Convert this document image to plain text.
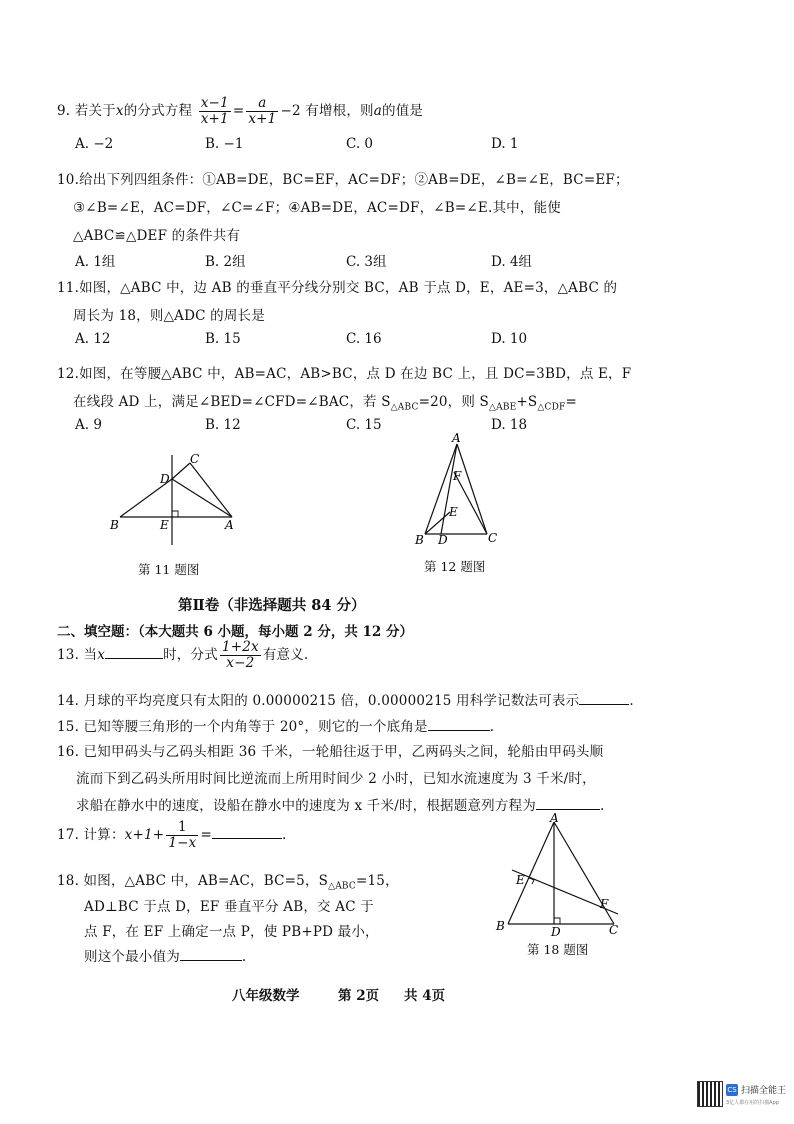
9. 若关于x的分式方程 $\frac{x-1}{x+1} = \frac{a}{x+1} -2$ 有增根，则a的值是
A. −2	B. −1	C. 0	D. 1
10.给出下列四组条件：①AB=DE，BC=EF，AC=DF；②AB=DE，∠B=∠E，BC=EF；
③∠B=∠E，AC=DF，∠C=∠F；④AB=DE，AC=DF，∠B=∠E.其中，能使
△ABC≌△DEF 的条件共有
A. 1组	B. 2组	C. 3组	D. 4组
11.如图，△ABC 中，边 AB 的垂直平分线分别交 BC，AB 于点 D，E，AE=3，△ABC 的
周长为 18，则△ADC 的周长是
A. 12	B. 15	C. 16	D. 10
12.如图，在等腰△ABC 中，AB=AC，AB>BC，点 D 在边 BC 上，且 DC=3BD，点 E，F
在线段 AD 上，满足∠BED=∠CFD=∠BAC，若 $S_{\triangle ABC}=20$，则 $S_{\triangle ABE}+S_{\triangle CDF}=$
A. 9	B. 12	C. 15	D. 18
B	E	A
D
C
第 11 题图
A
F
E
B D	C
第 12 题图
第Ⅱ卷（非选择题共 84 分）
二、填空题：（本大题共 6 小题，每小题 2 分，共 12 分）
13. 当x	时，分式 $\frac{1+2x}{x-2}$ 有意义.
14. 月球的平均亮度只有太阳的 0.00000215 倍，0.00000215 用科学记数法可表示	.
15. 已知等腰三角形的一个内角等于 20°，则它的一个底角是	.
16. 已知甲码头与乙码头相距 36 千米，一轮船往返于甲，乙两码头之间，轮船由甲码头顺
流而下到乙码头所用时间比逆流而上所用时间少 2 小时，已知水流速度为 3 千米/时，
求船在静水中的速度，设船在静水中的速度为 x 千米/时，根据题意列方程为	.
17. 计算：$x+1+ \frac{1}{1-x}$ =	.
18. 如图，△ABC 中，AB=AC，BC=5，$S_{\triangle ABC}=15$，
AD⊥BC 于点 D，EF 垂直平分 AB，交 AC 于
点 F，在 EF 上确定一点 P，使 PB+PD 最小，
则这个最小值为	.
A
E
F
B	D	C
第 18 题图
八年级数学	第 2页 共 4页
CS 扫描全能王
3亿人都在用的扫描App
